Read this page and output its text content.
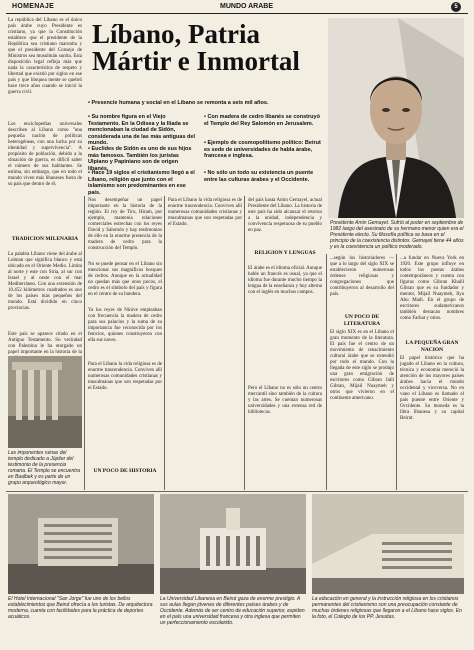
HOMENAJE	MUNDO ARABE	5
Líbano, Patria
Mártir e Inmortal
Presidente Amin Gemayel. Sufrió al poder en septiembre de 1982 luego del asesinato de su hermano menor quien era el Presidente electo. Su filosofía política se basa en el principio de la coexistencia distintos. Gemayel tiene 44 años y es la coexistencia un político moderado.
• Presencie humana y social en el Líbano se remonta a seis mil años.
• Su nombre figura en el Viejo Testamento. En la Odisea y la Iliada se mencionaban la ciudad de Sidón, considerada una de las más antiguas del mundo.
• Euclides de Sidón es uno de sus hijos más famosos. También los juristas Ulpiano y Papiniano son de origen libanés.
• Hace 19 siglos el cristianismo llegó a el Líbano, religión que junto con el islamismo son predominantes en ese país.
• Con madera de cedro libanés se construyó el Templo del Rey Salomón en Jerusalem.
• Ejemplo de cosmopolitismo político: Beirut es sede de universidades de habla árabe, francesa e inglesa.
• No sólo un todo su existencia un puente entre las culturas árabes y el Occidente.
La república del Líbano es el único país árabe cuyo Presidente es cristiano, ya que la Constitución establece que el presidente de la República sea cristiano maronita y que el presidente del Consejo de Ministros sea musulmán sunita. Esta disposición legal refleja más que nada la característica de respeto y libertad que existió por siglos en ese país y que bloquea mente se quebró hace trece años cuando se inició la guerra civil.
Los enciclopedias universales describen al Líbano como "una pequeña nación de políticas heterogéneas, con una lucha por su identidad y supervivencia". A propósito de población, debido a la situación de guerra, es difícil saber el número de sus habitantes. Se estima, sin embargo, que en todo el mundo viven más libaneses fuera de su país que dentro de él.
TRADICION MILENARIA
La palabra Líbano viene del árabe al Lubnan que significa blanco y está ubicado en el Oriente Medio. Limita al norte y este con Siria, al sur con Israel y al oeste con el mar Mediterráneo. Con una extensión de 10.452 kilómetros cuadrados es uno de los países más pequeños del mundo. Está dividido en cinco provincias.
Este país se aparece citado en el Antiguo Testamento. Su vecindad con Palestina le ha otorgado un papel importante en la historia de la
Las imponentes ruinas del templo dedicado a Júpiter del testimonio de la presencia romana. El Templo se encuentra en Baalbek y es parte de un grupo arqueológico mayor.
Nos desempeñar un papel importante en la historia de la región. El rey de Tiro, Hiram, por ejemplo, mantenía relaciones comerciales estrechas con los reyes David y Salomón y hay testimonios de ello en la enorme presencia de la madera de cedro para la construcción del Templo.
No se puede pensar en el Líbano sin mencionar sus magníficos bosques de cedros. Aunque en la actualidad no quedan más que unos pocos, el cedro es el símbolo del país y figura en el centro de su bandera.
Ya los reyes de Nínive empleaban con frecuencia la madera de cedro para sus palacios y la suma de su importancia fue reconocida por los fenicios, quienes construyeron con ella sus naves.
Para el Líbano la vida religiosa es de enorme trascendencia. Conviven allí numerosas comunidades cristianas y musulmanas que son respetadas por el Estado.
UN POCO DE HISTORIA
Para el Líbano la vida religiosa es de enorme trascendencia. Conviven allí numerosas comunidades cristianas y musulmanas que son respetadas por el Estado.
del país hasta Amin Gemayel, actual Presidente del Líbano. La historia de este país ha sido alcanzar el retorno a la unidad, independencia y convivencia respetuosa de su pueblo en paz.
RELIGION Y LENGUAS
El árabe es el idioma oficial. Aunque hable un francés es usual, ya que el idioma fue durante mucho tiempo la lengua de la enseñanza y hoy alterna con el inglés en muchos campos.
Pero el Líbano no es sólo un centro mercantil sino también de la cultura y las artes. Se cuentan numerosas universidades y una extensa red de bibliotecas.
...según los historiadores — que a lo largo del siglo XIX se establecieron numerosas órdenes religiosas y congregaciones que contribuyeron al desarrollo del país.
UN POCO DE LITERATURA
El siglo XIX es en el Líbano el gran momento de la literatura. El país fue el centro de un movimiento de renacimiento cultural árabe que se extendió por todo el mundo. Con la llegada de este siglo se produjo una gran emigración de escritores como Gibran Jalil Gibran, Mijail Nuaymeh y otros que vivieron en el continente americano.
...a fundar en Nueva York en 1920. Este grupo influye en todos los poetas árabes contemporáneos y cuenta con figuras como Gibran Khalil Gibran que es su fundador y mentor, Mijail Nuaymeh, Ilya Abu Madi. En el grupo de escritores sudamericanos también destacan nombres como Farhat y otros.
LA PEQUEÑA GRAN NACION
El papel histórico que ha jugado el Líbano en la cultura, técnica y economía mereció la atención de los mayores países árabes hacia el mundo occidental y viceversa. No en vano el Líbano es llamado el país puente entre Oriente y Occidente. Su moneda es la libra libanesa y su capital Beirut.
El Hotel Internacional "San Jorge" fue uno de los bellos establecimientos que Beirut ofrecía a los turistas. De arquitectura moderna, cuenta con facilidades para la práctica de deportes acuáticos.
La Universidad Libanesa en Beirut goza de enorme prestigio. A sus aulas llegan jóvenes de diferentes países árabes y de Occidente. Además de ser centro de educación superior, expiden en el país una universidad francesa y otra inglesa que permiten un perfeccionamiento escolarido.
La educación en general y la instrucción religiosa en los cristianos permanentes del cristianismo son una preocupación constante de muchas órdenes religiosas que llegaron a el Líbano hace siglos. En la foto, el Colegio de los PP. Jesuitas.
